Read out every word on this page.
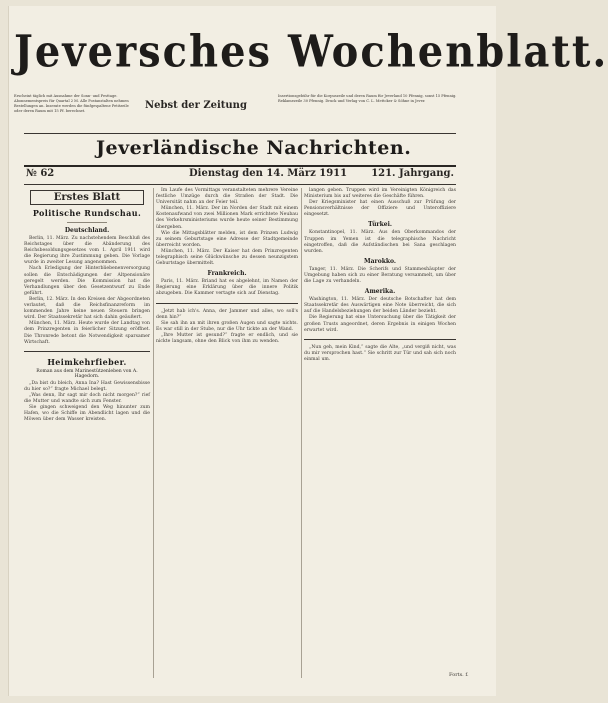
Jeversches Wochenblatt.
Erscheint täglich mit Ausnahme der Sonn- und Festtage. Abonnementspreis für Quartal 2 M. Alle Postanstalten nehmen Bestellungen an. Inserate werden die fünfgespaltene Petitzeile oder deren Raum mit 15 Pf. berechnet.	Nebst der Zeitung
Insertionsgebühr für die Korpuszeile und deren Raum für Jeverland 10 Pfennig, sonst 15 Pfennig. Reklamezeile 30 Pfennig. Druck und Verlag von C. L. Mettcker & Söhne in Jever.
Jeverländische Nachrichten.
№ 62	Dienstag den 14. März 1911 121. Jahrgang.
Erstes Blatt
Politische Rundschau.
Deutschland.

Berlin, 11. März. Zu nachstehendem Beschluß des Reichstages über die Abänderung des Reichsbesoldungsgesetzes vom 1. April 1911 wird die Regierung ihre Zustimmung geben. Die Vorlage wurde in zweiter Lesung angenommen.

Nach Erledigung der Hinterbliebenenversorgung sollen die Entschädigungen der Altpensionäre geregelt werden. Die Kommission hat die Verhandlungen über den Gesetzentwurf zu Ende geführt.

Berlin, 12. März. In den Kreisen der Abgeordneten verlautet, daß die Reichsfinanzreform im kommenden Jahre keine neuen Steuern bringen wird. Der Staatssekretär hat sich dahin geäußert.

München, 11. März. Heute wurde der Landtag von dem Prinzregenten in feierlicher Sitzung eröffnet. Die Thronrede betont die Notwendigkeit sparsamer Wirtschaft.

Heimkehrfieber.
Roman aus dem Marinestützenleben von A. Hagedorn.

„Da bist du bleich, Anna Ina? Hast Gewissensbisse du hier so?“ fragte Michael belegt.

„Was denn, Ihr sagt mir doch nicht morgen?“ rief die Mutter und wandte sich zum Fenster.

Sie gingen schweigend den Weg hinunter zum Hafen, wo die Schiffe im Abendlicht lagen und die Möwen über dem Wasser kreisten.

Im Laufe des Vormittags veranstalteten mehrere Vereine festliche Umzüge durch die Straßen der Stadt. Die Universität nahm an der Feier teil.

München, 11. März. Der im Norden der Stadt mit einem Kostenaufwand von zwei Millionen Mark errichtete Neubau des Verkehrsministeriums wurde heute seiner Bestimmung übergeben.

Wie die Mittagsblätter melden, ist dem Prinzen Ludwig zu seinem Geburtstage eine Adresse der Stadtgemeinde überreicht worden.

München, 11. März. Der Kaiser hat dem Prinzregenten telegraphisch seine Glückwünsche zu dessen neunzigstem Geburtstage übermittelt.

Frankreich.

Paris, 11. März. Briand hat es abgelehnt, im Namen der Regierung eine Erklärung über die innere Politik abzugeben. Die Kammer vertagte sich auf Dienstag.

„Jetzt hab ich's. Anna, der Jammer und alles, wo soll's denn hin?“

Sie sah ihn an mit ihren großen Augen und sagte nichts. Es war still in der Stube, nur die Uhr tickte an der Wand.

„Ihre Mutter ist gesund?“ fragte er endlich, und sie nickte langsam, ohne den Blick von ihm zu wenden.

langen geben. Truppen wird im Vereinigten Königreich das Ministerium bis auf weiteres die Geschäfte führen.

Der Kriegsminister hat einen Ausschuß zur Prüfung der Pensionsverhältnisse der Offiziere und Unteroffiziere eingesetzt.

Türkei.

Konstantinopel, 11. März. Aus den Oberkommandos der Truppen im Yemen ist die telegraphische Nachricht eingetroffen, daß die Aufständischen bei Sana geschlagen wurden.

Marokko.

Tanger, 11. März. Die Scherifs und Stammeshäupter der Umgebung haben sich zu einer Beratung versammelt, um über die Lage zu verhandeln.

Amerika.

Washington, 11. März. Der deutsche Botschafter hat dem Staatssekretär des Auswärtigen eine Note überreicht, die sich auf die Handelsbeziehungen der beiden Länder bezieht.

Die Regierung hat eine Untersuchung über die Tätigkeit der großen Trusts angeordnet, deren Ergebnis in einigen Wochen erwartet wird.

„Nun geh, mein Kind,“ sagte die Alte, „und vergiß nicht, was du mir versprochen hast.“ Sie schritt zur Tür und sah sich noch einmal um.

Forts. f.
